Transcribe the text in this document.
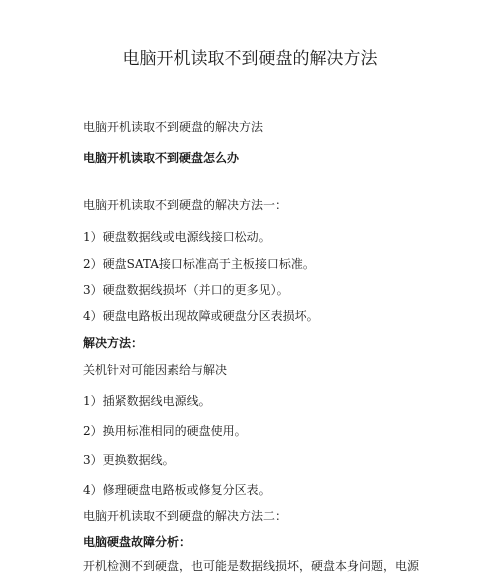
电脑开机读取不到硬盘的解决方法
电脑开机读取不到硬盘的解决方法
电脑开机读取不到硬盘怎么办
电脑开机读取不到硬盘的解决方法一：
1）硬盘数据线或电源线接口松动。
2）硬盘SATA接口标准高于主板接口标准。
3）硬盘数据线损坏（并口的更多见）。
4）硬盘电路板出现故障或硬盘分区表损坏。
解决方法：
关机针对可能因素给与解决
1）插紧数据线电源线。
2）换用标准相同的硬盘使用。
3）更换数据线。
4）修理硬盘电路板或修复分区表。
电脑开机读取不到硬盘的解决方法二：
电脑硬盘故障分析：
开机检测不到硬盘，也可能是数据线损坏，硬盘本身问题，电源
